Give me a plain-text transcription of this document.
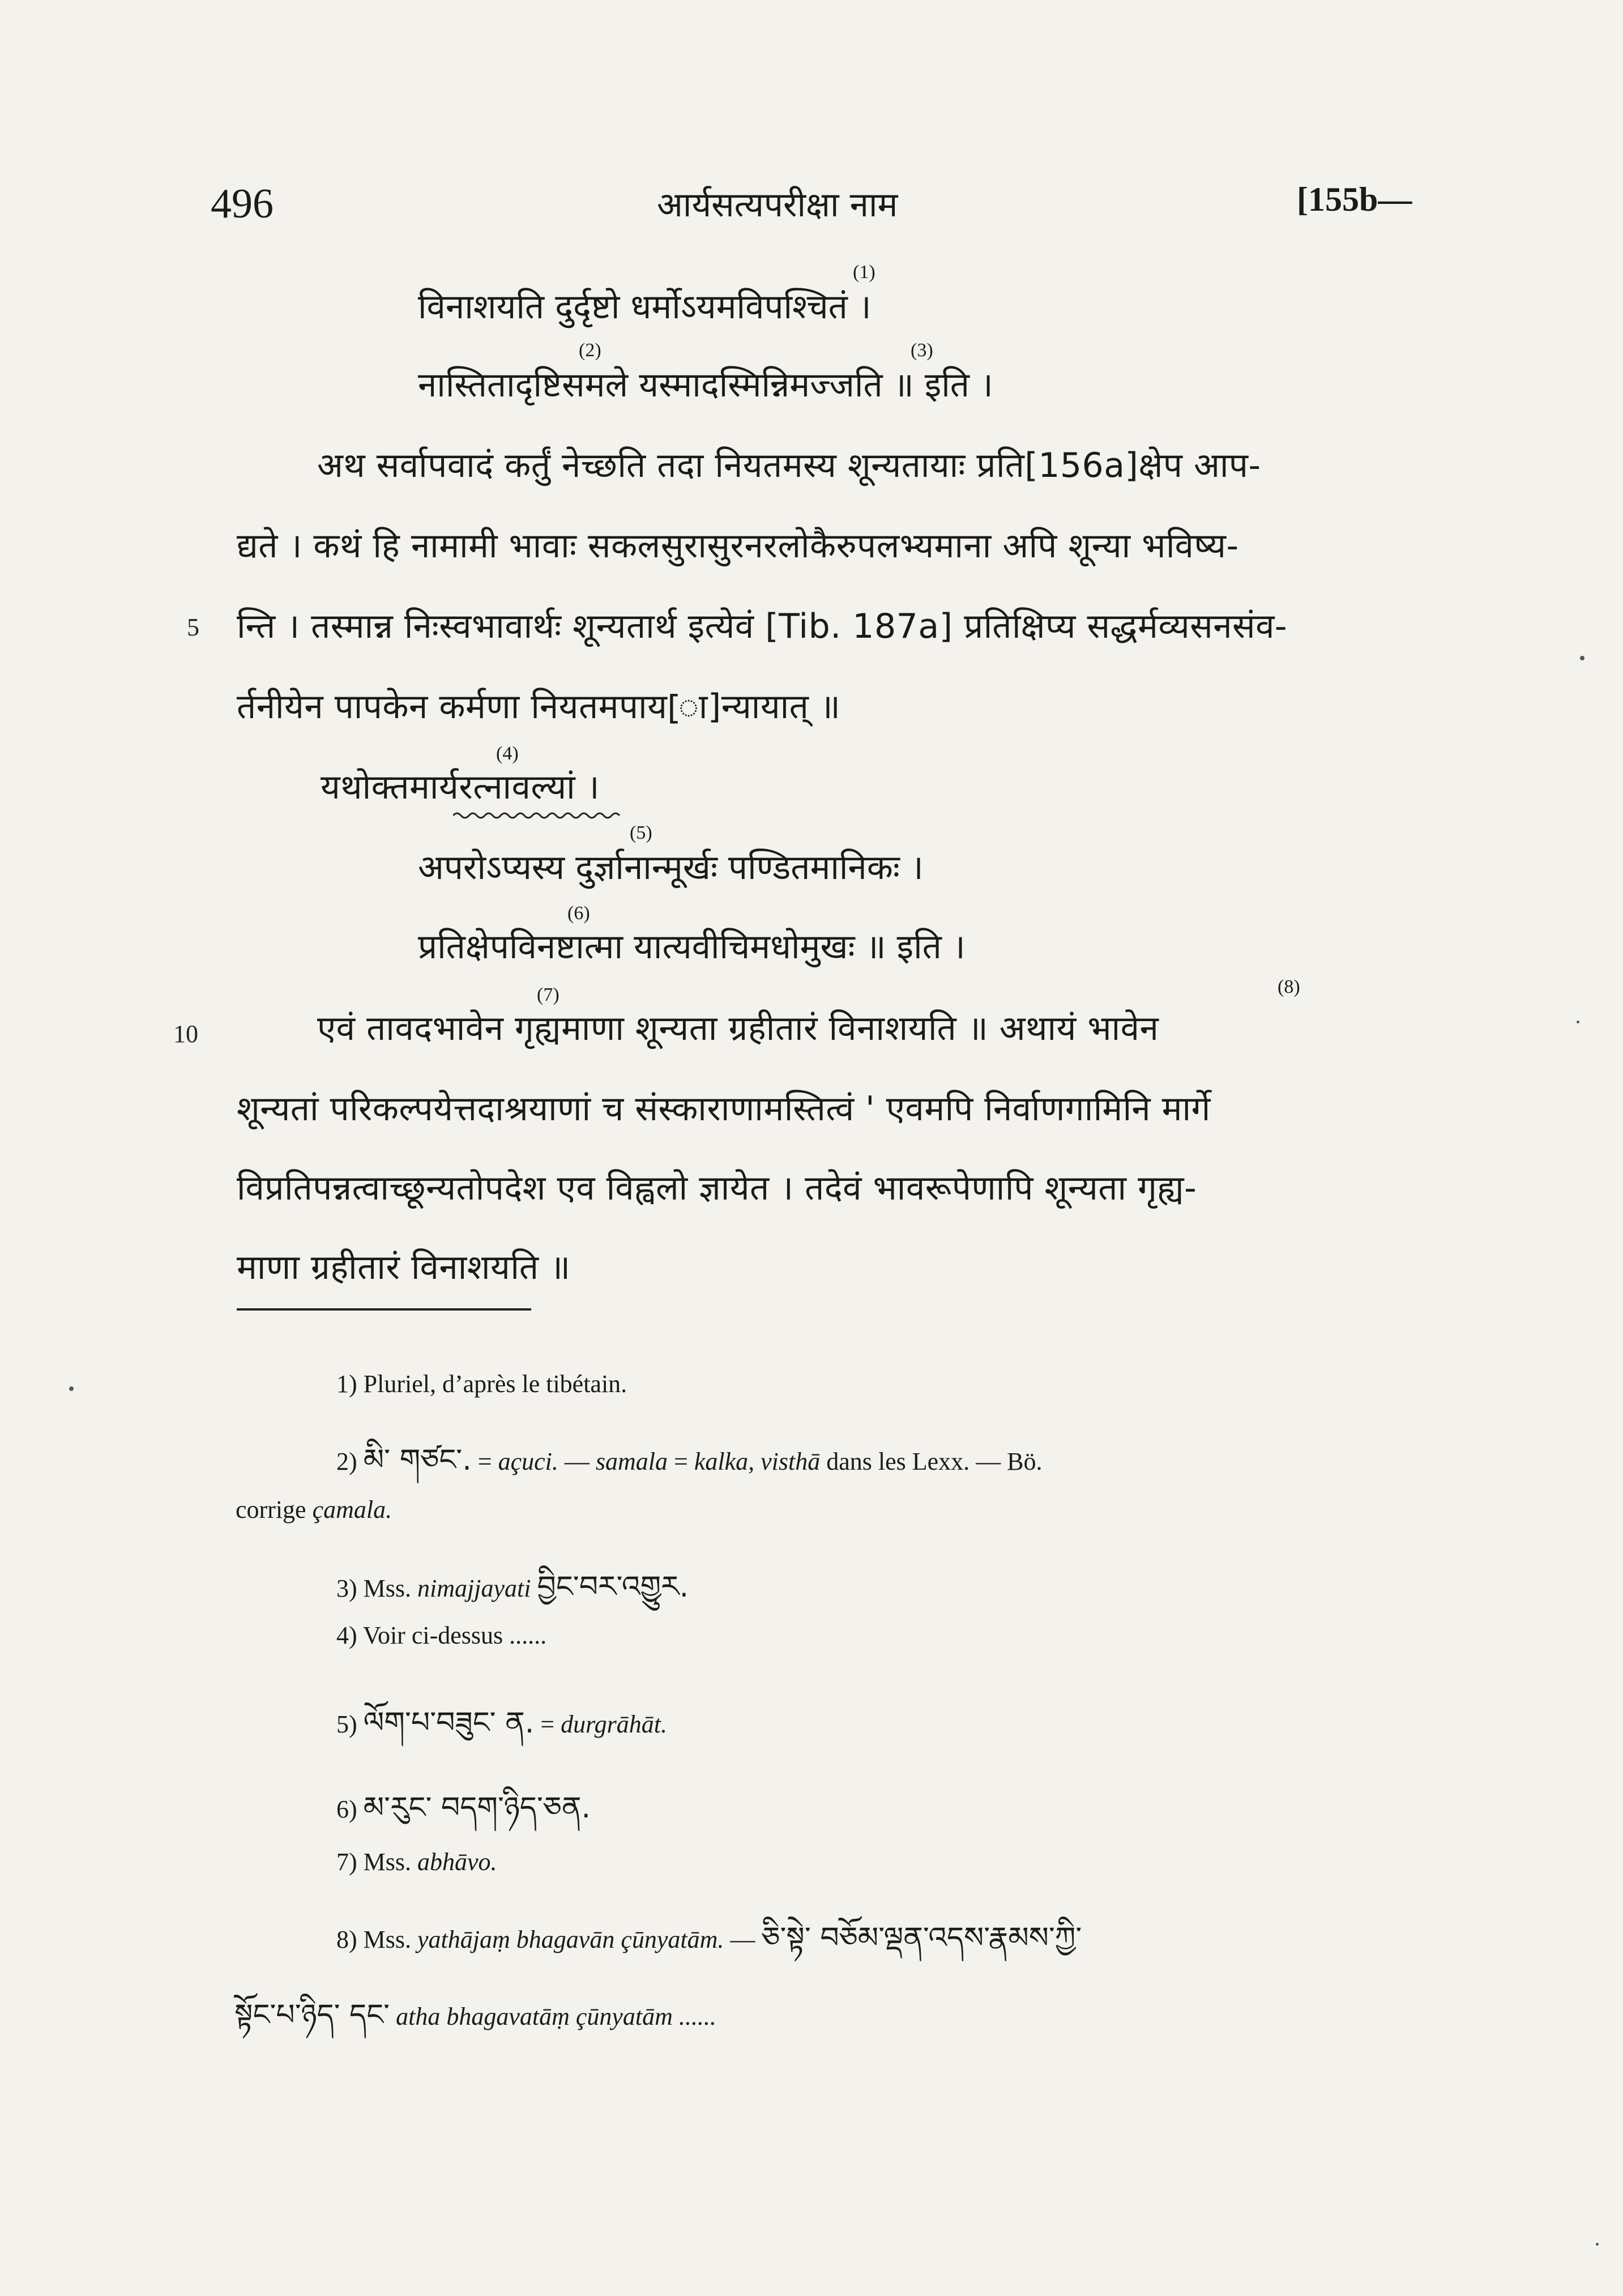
496	आर्यसत्यपरीक्षा नाम	[155b—
(1)
विनाशयति दुर्दृष्टो धर्मोऽयमविपश्चितं ।
(2)	(3)
नास्तितादृष्टिसमले यस्मादस्मिन्निमज्जति ॥ इति ।
अथ सर्वापवादं कर्तुं नेच्छति तदा नियतमस्य शून्यतायाः प्रति[156a]क्षेप आप-
द्यते । कथं हि नामामी भावाः सकलसुरासुरनरलोकैरुपलभ्यमाना अपि शून्या भविष्य-
5 न्ति । तस्मान्न निःस्वभावार्थः शून्यतार्थ इत्येवं [Tib. 187a] प्रतिक्षिप्य सद्धर्मव्यसनसंव-
र्तनीयेन पापकेन कर्मणा नियतमपाय[ा]न्यायात् ॥
(4)
यथोक्तमार्यरत्नावल्यां ।
(5)
अपरोऽप्यस्य दुर्ज्ञानान्मूर्खः पण्डितमानिकः ।
(6)
प्रतिक्षेपविनष्टात्मा यात्यवीचिमधोमुखः ॥ इति ।
10
(7)	(8)
एवं तावदभावेन गृह्यमाणा शून्यता ग्रहीतारं विनाशयति ॥ अथायं भावेन
शून्यतां परिकल्पयेत्तदाश्रयाणां च संस्काराणामस्तित्वं ' एवमपि निर्वाणगामिनि मार्गे
विप्रतिपन्नत्वाच्छून्यतोपदेश एव विह्वलो ज्ञायेत । तदेवं भावरूपेणापि शून्यता गृह्य-
माणा ग्रहीतारं विनाशयति ॥
1) Pluriel, d’après le tibétain.
2) མི་ གཙང་. = açuci. — samala = kalka, visthā dans les Lexx. — Bö.
corrige çamala.
3) Mss. nimajjayati བྱིང་བར་འགྱུར.
4) Voir ci-dessus ......
5) ལོག་པ་བཟུང་ ན. = durgrāhāt.
6) མ་རུང་ བདག་ཉིད་ཅན.
7) Mss. abhāvo.
8) Mss. yathājaṃ bhagavān çūnyatām. — ཅི་སྟེ་ བཅོམ་ལྡན་འདས་རྣམས་ཀྱི་
སྟོང་པ་ཉིད་ དང་ atha bhagavatāṃ çūnyatām ......
